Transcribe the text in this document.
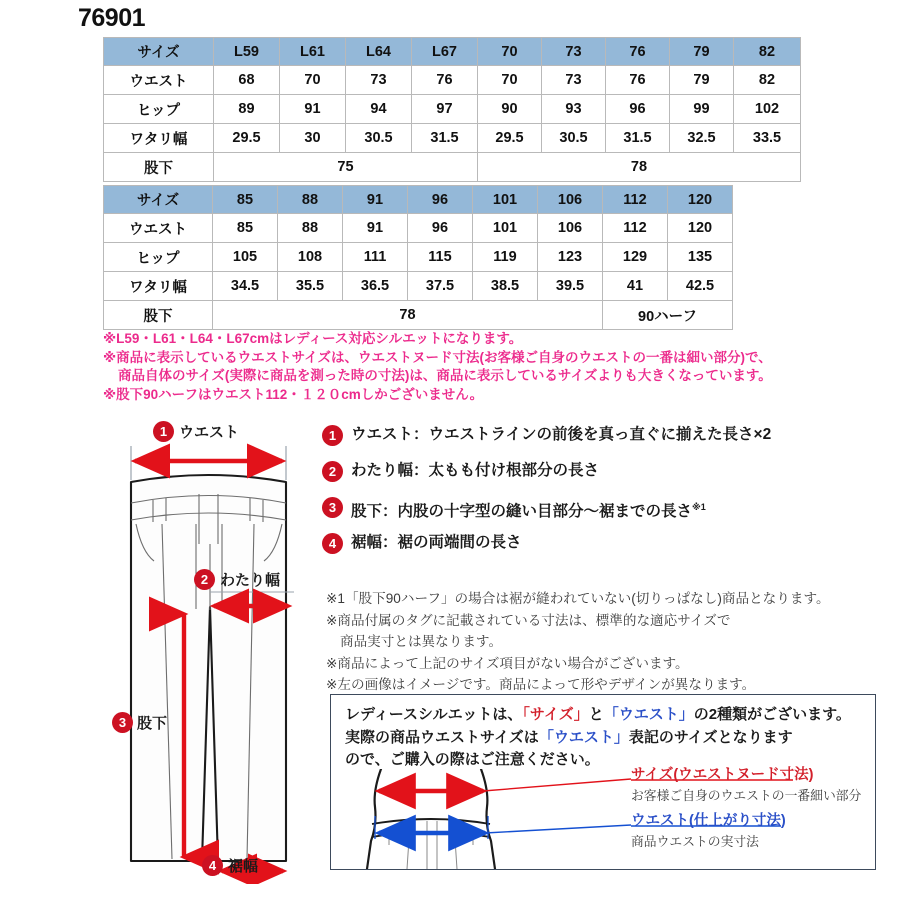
76901
サイズ	L59	L61	L64	L67	70	73	76	79	82
ウエスト	68	70	73	76	70	73	76	79	82
ヒップ	89	91	94	97	90	93	96	99	102
ワタリ幅	29.5	30	30.5	31.5	29.5	30.5	31.5	32.5	33.5
股下	75				78				
サイズ	85	88	91	96	101	106	112	120
ウエスト	85	88	91	96	101	106	112	120
ヒップ	105	108	111	115	119	123	129	135
ワタリ幅	34.5	35.5	36.5	37.5	38.5	39.5	41	42.5
股下	78						90ハーフ	
※L59・L61・L64・L67cmはレディース対応シルエットになります。
※商品に表示しているウエストサイズは、ウエストヌード寸法(お客様ご自身のウエストの一番は細い部分)で、
商品自体のサイズ(実際に商品を測った時の寸法)は、商品に表示しているサイズよりも大きくなっています。
※股下90ハーフはウエスト112・１２０cmしかございません。
1 ウエスト
2 わたり幅
3 股下
4 裾幅
1 ウエスト：ウエストラインの前後を真っ直ぐに揃えた長さ×2
2 わたり幅：太もも付け根部分の長さ
3 股下：内股の十字型の縫い目部分～裾までの長さ$^{※1}$
4 裾幅：裾の両端間の長さ
※1「股下90ハーフ」の場合は裾が縫われていない(切りっぱなし)商品となります。
※商品付属のタグに記載されている寸法は、標準的な適応サイズで
商品実寸とは異なります。
※商品によって上記のサイズ項目がない場合がございます。
※左の画像はイメージです。商品によって形やデザインが異なります。
レディースシルエットは、「サイズ」と「ウエスト」の2種類がございます。
実際の商品ウエストサイズは「ウエスト」表記のサイズとなります
ので、ご購入の際はご注意ください。
サイズ(ウエストヌード寸法)
お客様ご自身のウエストの一番細い部分
ウエスト(仕上がり寸法)
商品ウエストの実寸法
